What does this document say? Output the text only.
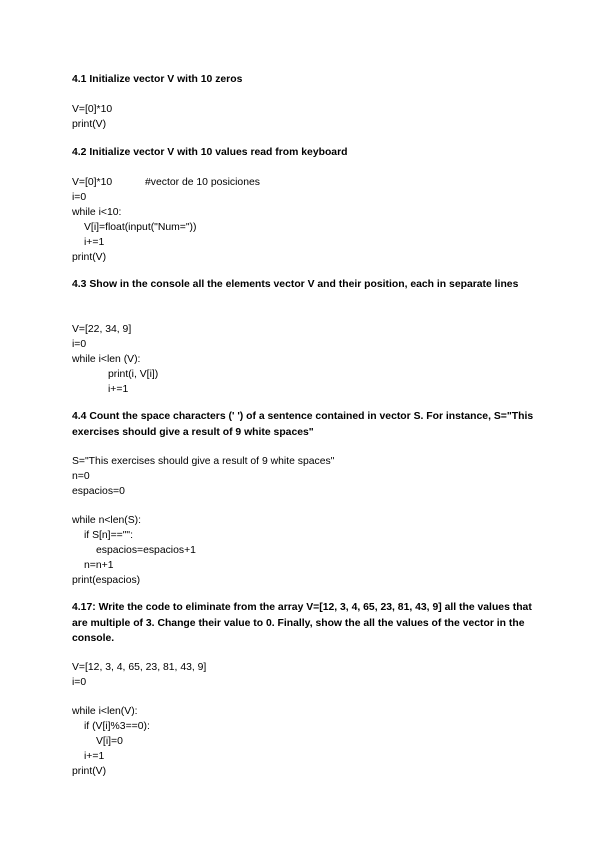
4.1 Initialize vector V with 10 zeros
V=[0]*10
print(V)
4.2 Initialize vector V with 10 values read from keyboard
V=[0]*10	#vector de 10 posiciones
i=0
while i<10:
V[i]=float(input("Num="))
i+=1
print(V)
4.3 Show in the console all the elements vector V and their position, each in separate lines
V=[22, 34, 9]
i=0
while i<len (V):
print(i, V[i])
i+=1
4.4 Count the space characters (' ') of a sentence contained in vector S. For instance, S="This exercises should give a result of 9 white spaces"
S="This exercises should give a result of 9 white spaces"
n=0
espacios=0
while n<len(S):
if S[n]=="":
espacios=espacios+1
n=n+1
print(espacios)
4.17: Write the code to eliminate from the array V=[12, 3, 4, 65, 23, 81, 43, 9] all the values that are multiple of 3. Change their value to 0. Finally, show the all the values of the vector in the console.
V=[12, 3, 4, 65, 23, 81, 43, 9]
i=0
while i<len(V):
if (V[i]%3==0):
V[i]=0
i+=1
print(V)
